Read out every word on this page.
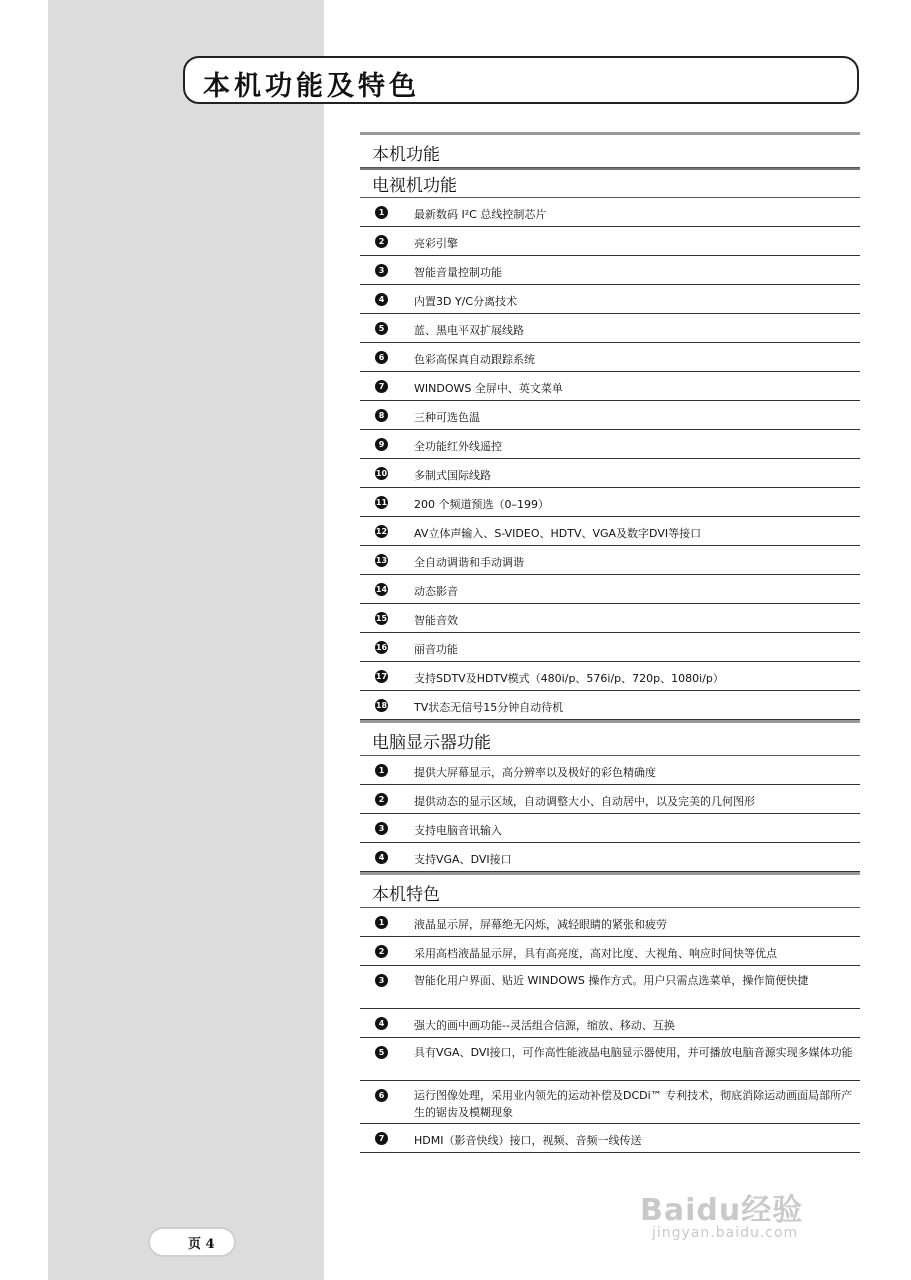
本机功能及特色
本机功能
电视机功能
1	最新数码 I²C 总线控制芯片
2	亮彩引擎
3	智能音量控制功能
4	内置3D Y/C分离技术
5	蓝、黑电平双扩展线路
6	色彩高保真自动跟踪系统
7	WINDOWS 全屏中、英文菜单
8	三种可选色温
9	全功能红外线遥控
10 多制式国际线路
11 200 个频道预选（0–199）
12 AV立体声输入、S-VIDEO、HDTV、VGA及数字DVI等接口
13 全自动调谐和手动调谐
14 动态影音
15 智能音效
16 丽音功能
17 支持SDTV及HDTV模式（480i/p、576i/p、720p、1080i/p）
18 TV状态无信号15分钟自动待机
电脑显示器功能
1	提供大屏幕显示，高分辨率以及极好的彩色精确度
2	提供动态的显示区域，自动调整大小、自动居中，以及完美的几何图形
3	支持电脑音讯输入
4	支持VGA、DVI接口
本机特色
1	液晶显示屏，屏幕绝无闪烁，减轻眼睛的紧张和疲劳
2	采用高档液晶显示屏，具有高亮度，高对比度、大视角、响应时间快等优点
3	智能化用户界面、贴近 WINDOWS 操作方式。用户只需点选菜单，操作简便快捷
4	强大的画中画功能--灵活组合信源，缩放、移动、互换
5	具有VGA、DVI接口，可作高性能液晶电脑显示器使用，并可播放电脑音源实现多媒体功能
6	运行图像处理，采用业内领先的运动补偿及DCDi™ 专利技术，彻底消除运动画面局部所产生的锯齿及模糊现象
7	HDMI（影音快线）接口，视频、音频一线传送
页 4
Baidu经验
jingyan.baidu.com
